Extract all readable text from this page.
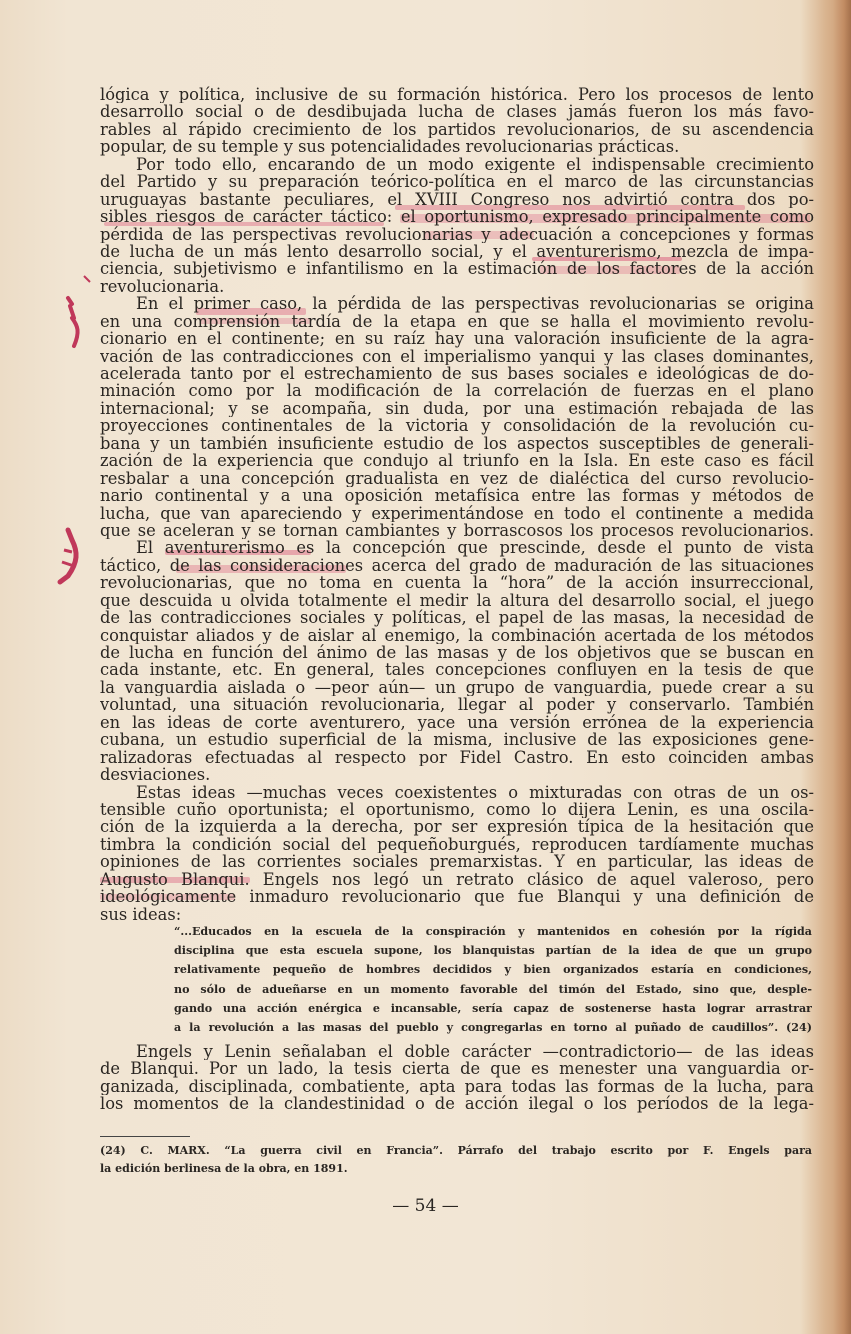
lógica y política, inclusive de su formación histórica. Pero los procesos de lento
desarrollo social o de desdibujada lucha de clases jamás fueron los más favo-
rables al rápido crecimiento de los partidos revolucionarios, de su ascendencia
popular, de su temple y sus potencialidades revolucionarias prácticas.
Por todo ello, encarando de un modo exigente el indispensable crecimiento
del Partido y su preparación teórico-política en el marco de las circunstancias
uruguayas bastante peculiares, el XVIII Congreso nos advirtió contra dos po-
sibles riesgos de carácter táctico: el oportunismo, expresado principalmente como
pérdida de las perspectivas revolucionarias y adecuación a concepciones y formas
de lucha de un más lento desarrollo social, y el aventurerismo, mezcla de impa-
ciencia, subjetivismo e infantilismo en la estimación de los factores de la acción
revolucionaria.
En el primer caso, la pérdida de las perspectivas revolucionarias se origina
en una comprensión tardía de la etapa en que se halla el movimiento revolu-
cionario en el continente; en su raíz hay una valoración insuficiente de la agra-
vación de las contradicciones con el imperialismo yanqui y las clases dominantes,
acelerada tanto por el estrechamiento de sus bases sociales e ideológicas de do-
minación como por la modificación de la correlación de fuerzas en el plano
internacional; y se acompaña, sin duda, por una estimación rebajada de las
proyecciones continentales de la victoria y consolidación de la revolución cu-
bana y un también insuficiente estudio de los aspectos susceptibles de generali-
zación de la experiencia que condujo al triunfo en la Isla. En este caso es fácil
resbalar a una concepción gradualista en vez de dialéctica del curso revolucio-
nario continental y a una oposición metafísica entre las formas y métodos de
lucha, que van apareciendo y experimentándose en todo el continente a medida
que se aceleran y se tornan cambiantes y borrascosos los procesos revolucionarios.
El aventurerismo es la concepción que prescinde, desde el punto de vista
táctico, de las consideraciones acerca del grado de maduración de las situaciones
revolucionarias, que no toma en cuenta la “hora” de la acción insurreccional,
que descuida u olvida totalmente el medir la altura del desarrollo social, el juego
de las contradicciones sociales y políticas, el papel de las masas, la necesidad de
conquistar aliados y de aislar al enemigo, la combinación acertada de los métodos
de lucha en función del ánimo de las masas y de los objetivos que se buscan en
cada instante, etc. En general, tales concepciones confluyen en la tesis de que
la vanguardia aislada o —peor aún— un grupo de vanguardia, puede crear a su
voluntad, una situación revolucionaria, llegar al poder y conservarlo. También
en las ideas de corte aventurero, yace una versión errónea de la experiencia
cubana, un estudio superficial de la misma, inclusive de las exposiciones gene-
ralizadoras efectuadas al respecto por Fidel Castro. En esto coinciden ambas
desviaciones.
Estas ideas —muchas veces coexistentes o mixturadas con otras de un os-
tensible cuño oportunista; el oportunismo, como lo dijera Lenin, es una oscila-
ción de la izquierda a la derecha, por ser expresión típica de la hesitación que
timbra la condición social del pequeñoburgués, reproducen tardíamente muchas
opiniones de las corrientes sociales premarxistas. Y en particular, las ideas de
Augusto Blanqui. Engels nos legó un retrato clásico de aquel valeroso, pero
ideológicamente inmaduro revolucionario que fue Blanqui y una definición de
sus ideas:
“...Educados en la escuela de la conspiración y mantenidos en cohesión por la rígida
disciplina que esta escuela supone, los blanquistas partían de la idea de que un grupo
relativamente pequeño de hombres decididos y bien organizados estaría en condiciones,
no sólo de adueñarse en un momento favorable del timón del Estado, sino que, desple-
gando una acción enérgica e incansable, sería capaz de sostenerse hasta lograr arrastrar
a la revolución a las masas del pueblo y congregarlas en torno al puñado de caudillos”. (24)
Engels y Lenin señalaban el doble carácter —contradictorio— de las ideas
de Blanqui. Por un lado, la tesis cierta de que es menester una vanguardia or-
ganizada, disciplinada, combatiente, apta para todas las formas de la lucha, para
los momentos de la clandestinidad o de acción ilegal o los períodos de la lega-
(24) C. MARX. “La guerra civil en Francia”. Párrafo del trabajo escrito por F. Engels para
la edición berlinesa de la obra, en 1891.
— 54 —
